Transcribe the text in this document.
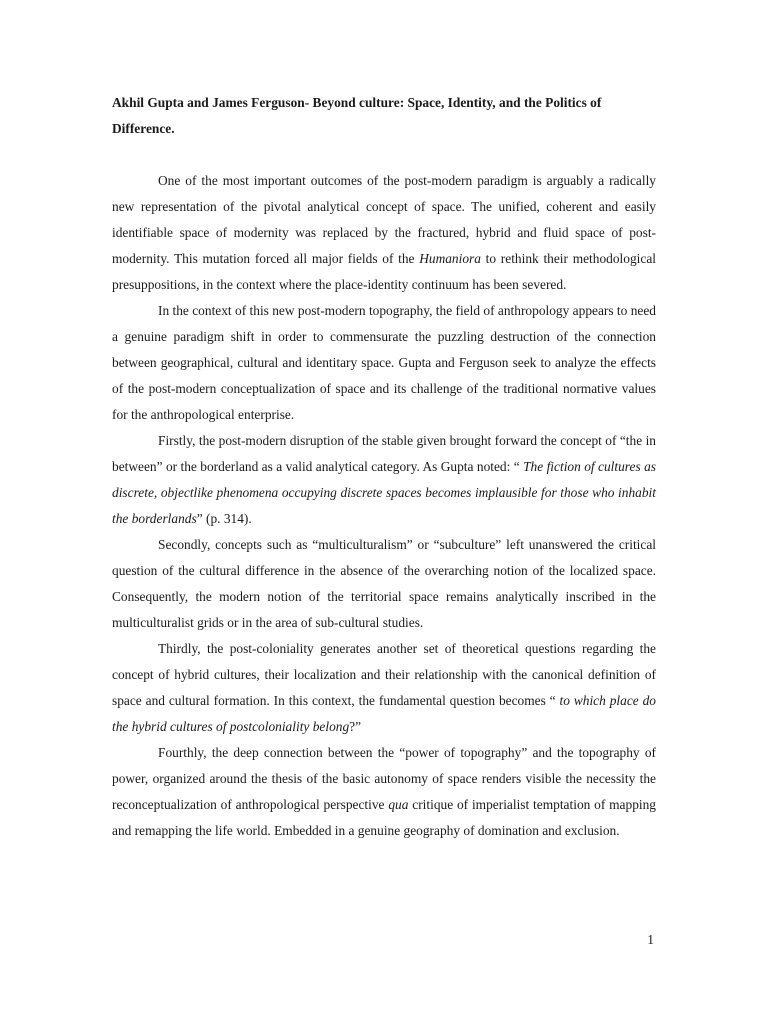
Akhil Gupta and James Ferguson- Beyond culture: Space, Identity, and the Politics of Difference.

One of the most important outcomes of the post-modern paradigm is arguably a radically new representation of the pivotal analytical concept of space. The unified, coherent and easily identifiable space of modernity was replaced by the fractured, hybrid and fluid space of post-modernity. This mutation forced all major fields of the Humaniora to rethink their methodological presuppositions, in the context where the place-identity continuum has been severed.

In the context of this new post-modern topography, the field of anthropology appears to need a genuine paradigm shift in order to commensurate the puzzling destruction of the connection between geographical, cultural and identitary space. Gupta and Ferguson seek to analyze the effects of the post-modern conceptualization of space and its challenge of the traditional normative values for the anthropological enterprise.

Firstly, the post-modern disruption of the stable given brought forward the concept of “the in between” or the borderland as a valid analytical category. As Gupta noted: “ The fiction of cultures as discrete, objectlike phenomena occupying discrete spaces becomes implausible for those who inhabit the borderlands” (p. 314).

Secondly, concepts such as “multiculturalism” or “subculture” left unanswered the critical question of the cultural difference in the absence of the overarching notion of the localized space. Consequently, the modern notion of the territorial space remains analytically inscribed in the multiculturalist grids or in the area of sub-cultural studies.

Thirdly, the post-coloniality generates another set of theoretical questions regarding the concept of hybrid cultures, their localization and their relationship with the canonical definition of space and cultural formation. In this context, the fundamental question becomes “ to which place do the hybrid cultures of postcoloniality belong?”

Fourthly, the deep connection between the “power of topography” and the topography of power, organized around the thesis of the basic autonomy of space renders visible the necessity the reconceptualization of anthropological perspective qua critique of imperialist temptation of mapping and remapping the life world. Embedded in a genuine geography of domination and exclusion.

1
